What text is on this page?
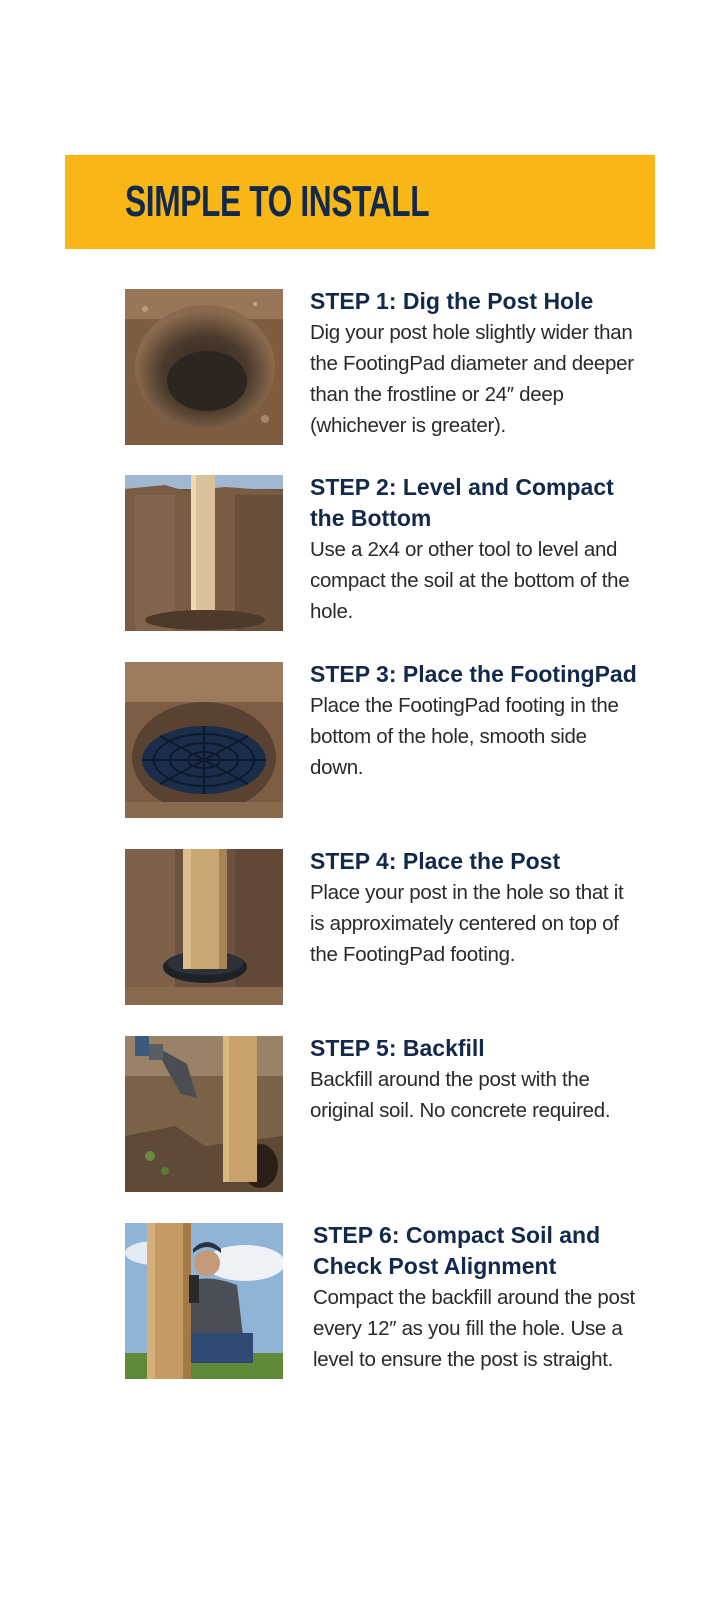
SIMPLE TO INSTALL

STEP 1: Dig the Post Hole

Dig your post hole slightly wider than the FootingPad diameter and deeper than the frostline or 24″ deep (whichever is greater).

STEP 2: Level and Compact the Bottom

Use a 2x4 or other tool to level and compact the soil at the bottom of the hole.

STEP 3: Place the FootingPad

Place the FootingPad footing in the bottom of the hole, smooth side down.

STEP 4: Place the Post

Place your post in the hole so that it is approximately centered on top of the FootingPad footing.

STEP 5: Backfill

Backfill around the post with the original soil. No concrete required.

STEP 6: Compact Soil and Check Post Alignment

Compact the backfill around the post every 12″ as you fill the hole. Use a level to ensure the post is straight.
